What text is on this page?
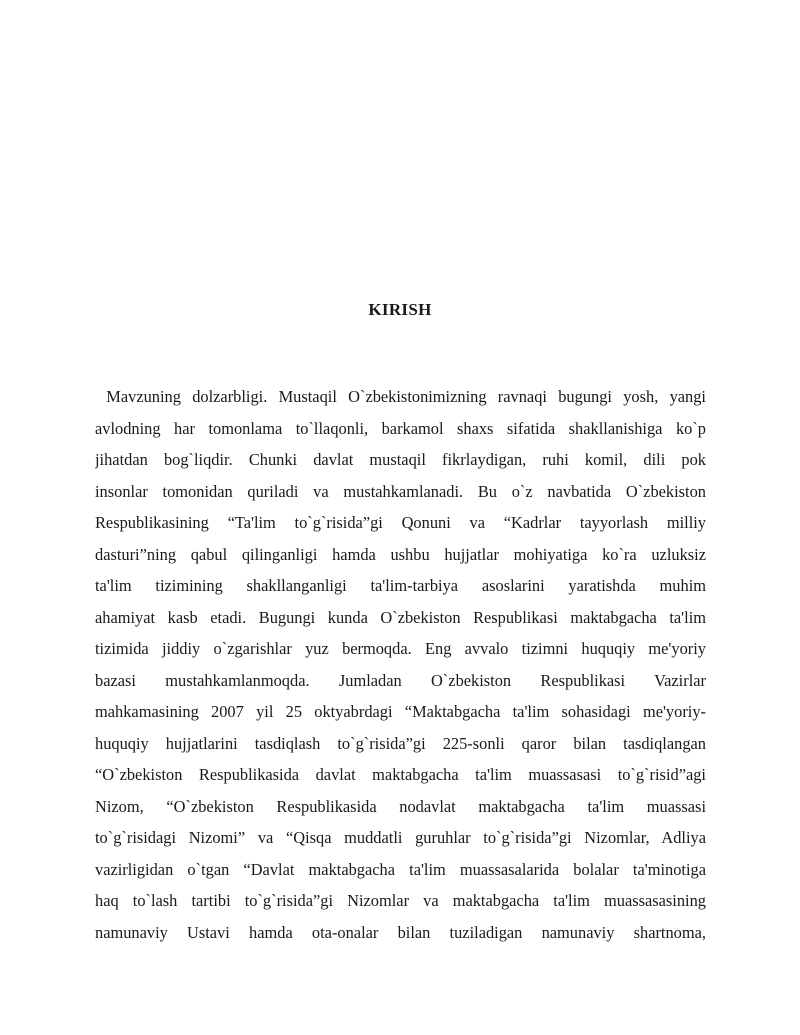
KIRISH
Mavzuning dolzarbligi. Mustaqil O`zbekistonimizning ravnaqi bugungi yosh, yangi
avlodning har tomonlama to`llaqonli, barkamol shaxs sifatida shakllanishiga ko`p
jihatdan bog`liqdir. Chunki davlat mustaqil fikrlaydigan, ruhi komil, dili pok
insonlar tomonidan quriladi va mustahkamlanadi. Bu o`z navbatida O`zbekiston
Respublikasining “Ta'lim to`g`risida”gi Qonuni va “Kadrlar tayyorlash milliy
dasturi”ning qabul qilinganligi hamda ushbu hujjatlar mohiyatiga ko`ra uzluksiz
ta'lim tizimining shakllanganligi ta'lim-tarbiya asoslarini yaratishda muhim
ahamiyat kasb etadi. Bugungi kunda O`zbekiston Respublikasi maktabgacha ta'lim
tizimida jiddiy o`zgarishlar yuz bermoqda. Eng avvalo tizimni huquqiy me'yoriy
bazasi mustahkamlanmoqda. Jumladan O`zbekiston Respublikasi Vazirlar
mahkamasining 2007 yil 25 oktyabrdagi “Maktabgacha ta'lim sohasidagi me'yoriy-
huquqiy hujjatlarini tasdiqlash to`g`risida”gi 225-sonli qaror bilan tasdiqlangan
“O`zbekiston Respublikasida davlat maktabgacha ta'lim muassasasi to`g`risid”agi
Nizom, “O`zbekiston Respublikasida nodavlat maktabgacha ta'lim muassasi
to`g`risidagi Nizomi” va “Qisqa muddatli guruhlar to`g`risida”gi Nizomlar, Adliya
vazirligidan o`tgan “Davlat maktabgacha ta'lim muassasalarida bolalar ta'minotiga
haq to`lash tartibi to`g`risida”gi Nizomlar va maktabgacha ta'lim muassasasining
namunaviy Ustavi hamda ota-onalar bilan tuziladigan namunaviy shartnoma,
